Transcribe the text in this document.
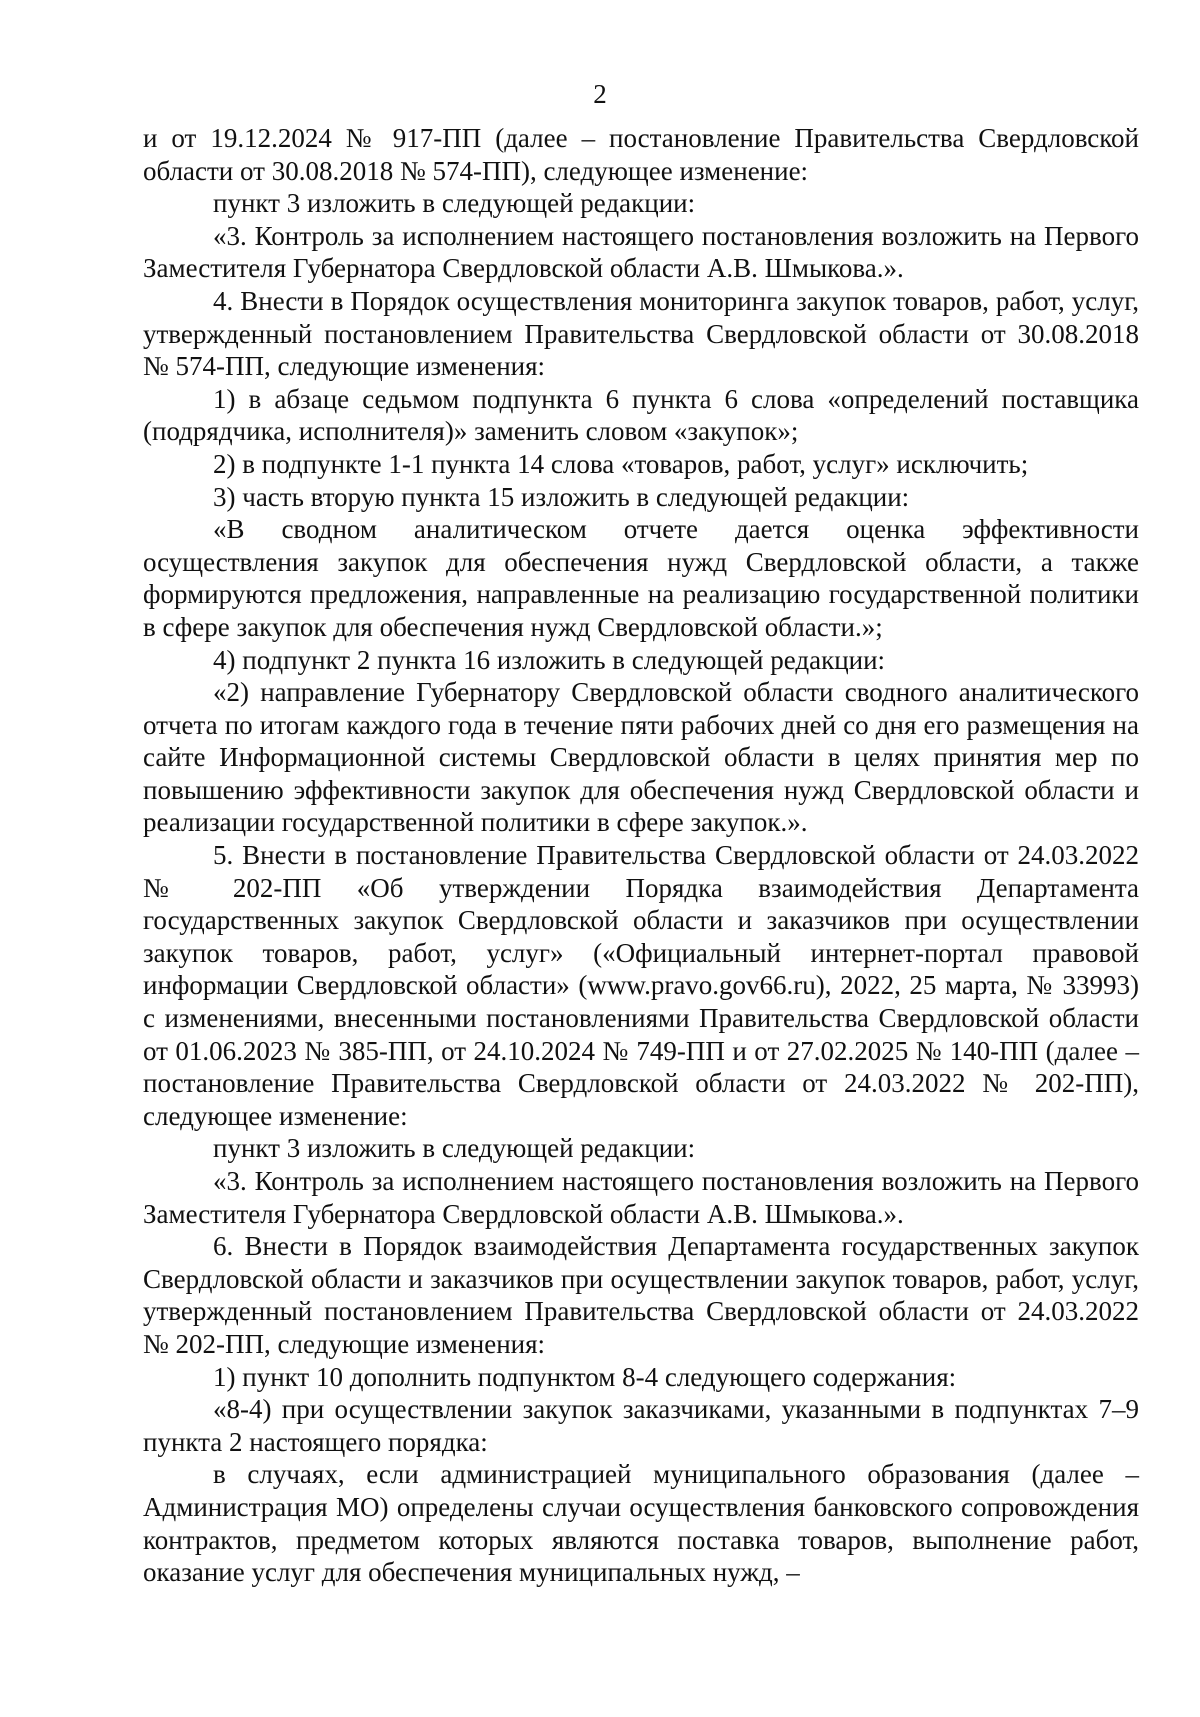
2

и от 19.12.2024 № 917-ПП (далее – постановление Правительства Свердловской области от 30.08.2018 № 574-ПП), следующее изменение:

пункт 3 изложить в следующей редакции:

«3. Контроль за исполнением настоящего постановления возложить на Первого Заместителя Губернатора Свердловской области А.В. Шмыкова.».

4. Внести в Порядок осуществления мониторинга закупок товаров, работ, услуг, утвержденный постановлением Правительства Свердловской области от 30.08.2018 № 574-ПП, следующие изменения:

1) в абзаце седьмом подпункта 6 пункта 6 слова «определений поставщика (подрядчика, исполнителя)» заменить словом «закупок»;

2) в подпункте 1-1 пункта 14 слова «товаров, работ, услуг» исключить;

3) часть вторую пункта 15 изложить в следующей редакции:

«В сводном аналитическом отчете дается оценка эффективности осуществления закупок для обеспечения нужд Свердловской области, а также формируются предложения, направленные на реализацию государственной политики в сфере закупок для обеспечения нужд Свердловской области.»;

4) подпункт 2 пункта 16 изложить в следующей редакции:

«2) направление Губернатору Свердловской области сводного аналитического отчета по итогам каждого года в течение пяти рабочих дней со дня его размещения на сайте Информационной системы Свердловской области в целях принятия мер по повышению эффективности закупок для обеспечения нужд Свердловской области и реализации государственной политики в сфере закупок.».

5. Внести в постановление Правительства Свердловской области от 24.03.2022 № 202-ПП «Об утверждении Порядка взаимодействия Департамента государственных закупок Свердловской области и заказчиков при осуществлении закупок товаров, работ, услуг» («Официальный интернет-портал правовой информации Свердловской области» (www.pravo.gov66.ru), 2022, 25 марта, № 33993) с изменениями, внесенными постановлениями Правительства Свердловской области от 01.06.2023 № 385-ПП, от 24.10.2024 № 749-ПП и от 27.02.2025 № 140-ПП (далее – постановление Правительства Свердловской области от 24.03.2022 № 202-ПП), следующее изменение:

пункт 3 изложить в следующей редакции:

«3. Контроль за исполнением настоящего постановления возложить на Первого Заместителя Губернатора Свердловской области А.В. Шмыкова.».

6. Внести в Порядок взаимодействия Департамента государственных закупок Свердловской области и заказчиков при осуществлении закупок товаров, работ, услуг, утвержденный постановлением Правительства Свердловской области от 24.03.2022 № 202-ПП, следующие изменения:

1) пункт 10 дополнить подпунктом 8-4 следующего содержания:

«8-4) при осуществлении закупок заказчиками, указанными в подпунктах 7–9 пункта 2 настоящего порядка:

в случаях, если администрацией муниципального образования (далее – Администрация МО) определены случаи осуществления банковского сопровождения контрактов, предметом которых являются поставка товаров, выполнение работ, оказание услуг для обеспечения муниципальных нужд, –
